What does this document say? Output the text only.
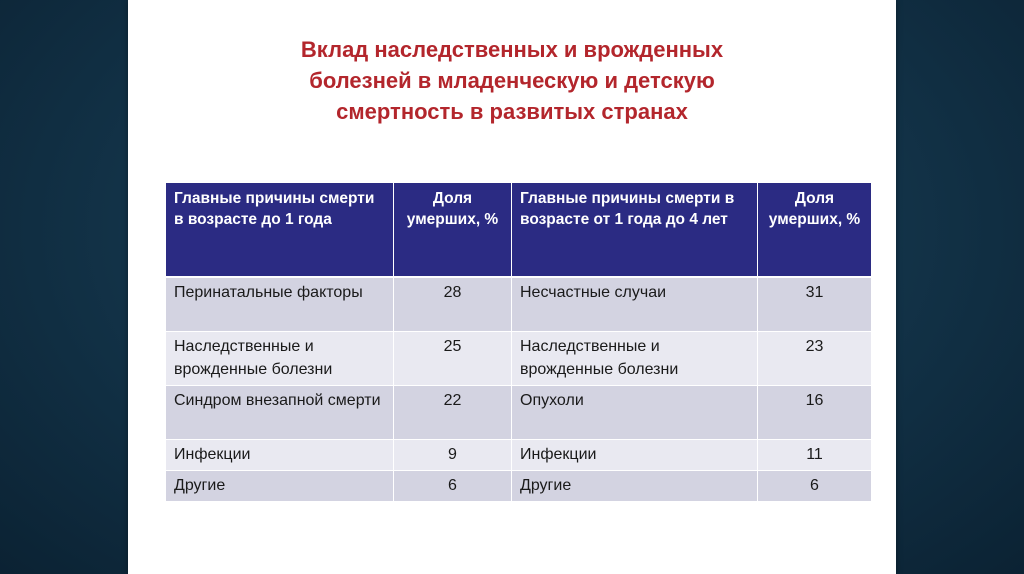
Вклад наследственных и врожденных
болезней в младенческую и детскую
смертность в развитых странах
Главные причины смерти в возрасте до 1 года	Доля умерших, %	Главные причины смерти в возрасте от 1 года до 4 лет	Доля умерших, %
Перинатальные факторы	28	Несчастные случаи	31
Наследственные и врожденные болезни	25	Наследственные и врожденные болезни	23
Синдром внезапной смерти	22	Опухоли	16
Инфекции	9	Инфекции	11
Другие	6	Другие	6
